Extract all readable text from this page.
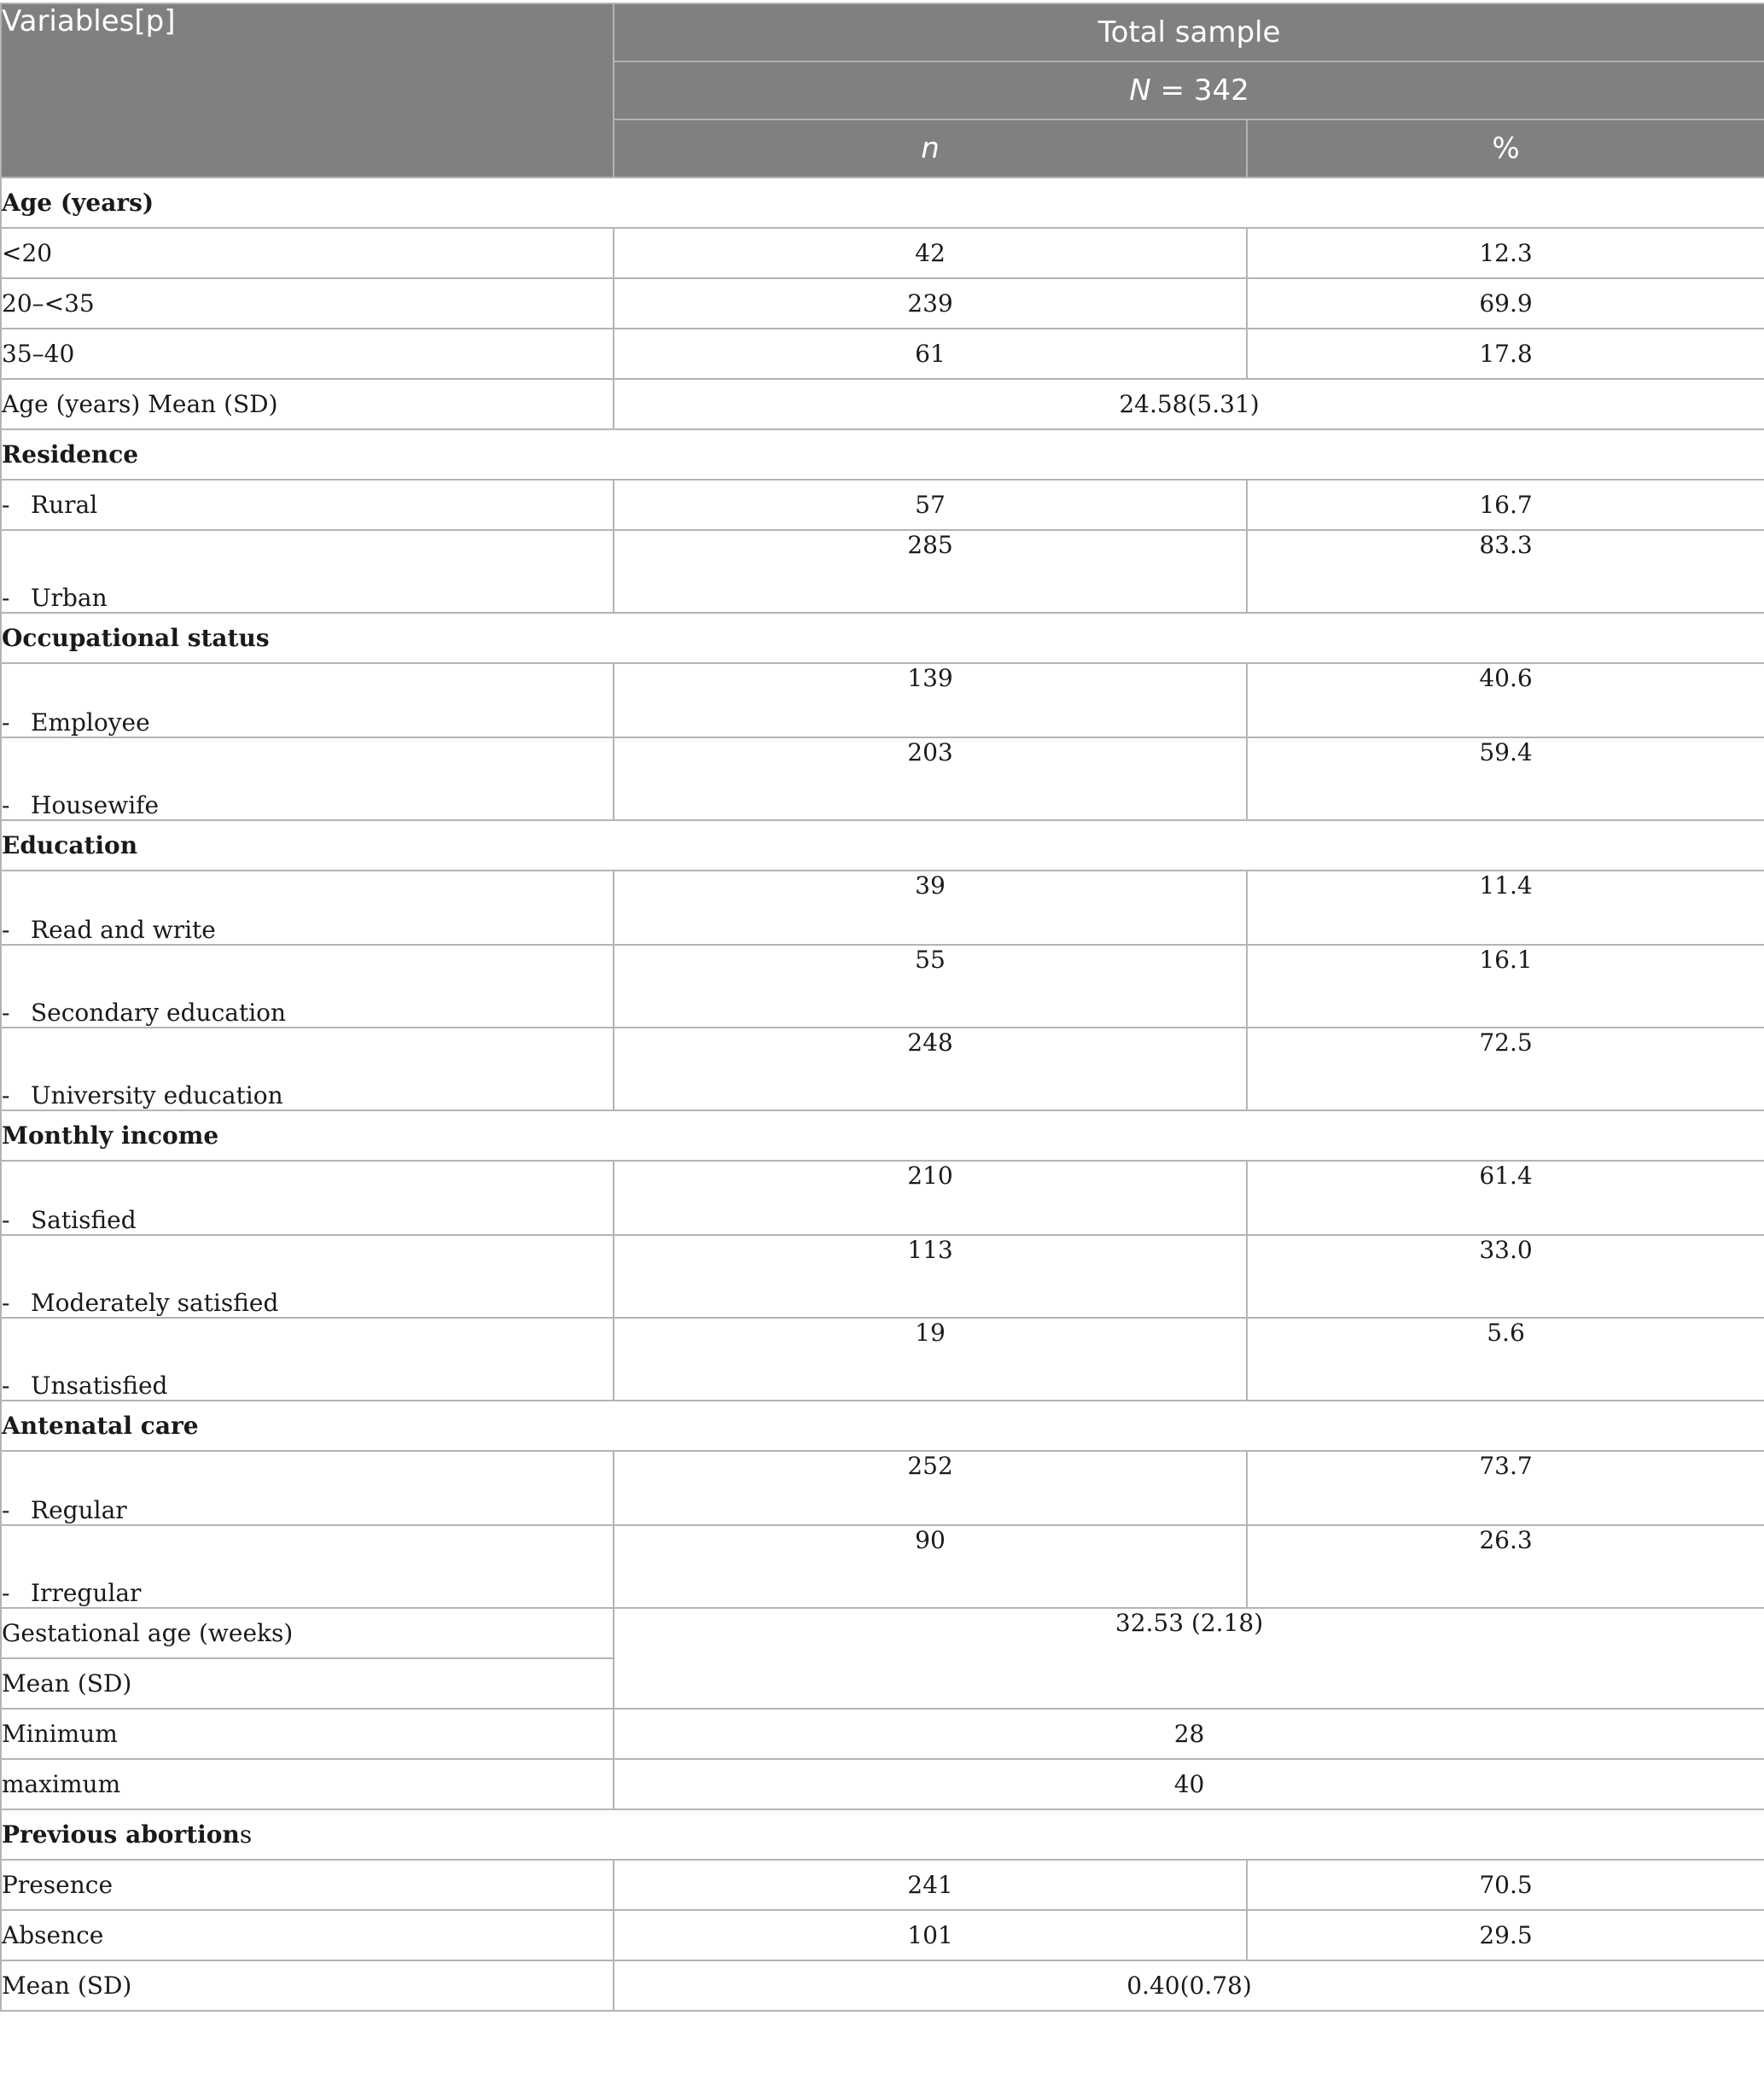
Variables[p]	Total sample	
	N = 342	
	n	%
Age (years)		
<20	42	12.3
20–<35	239	69.9
35–40	61	17.8
Age (years) Mean (SD)	24.58(5.31)	
Residence		
- Rural	57	16.7
- Urban	285	83.3
Occupational status		
- Employee	139	40.6
- Housewife	203	59.4
Education		
- Read and write	39	11.4
- Secondary education	55	16.1
- University education	248	72.5
Monthly income		
- Satisfied	210	61.4
- Moderately satisfied	113	33.0
- Unsatisfied	19	5.6
Antenatal care		
- Regular	252	73.7
- Irregular	90	26.3
Gestational age (weeks)	32.53 (2.18)	
Mean (SD)		
Minimum	28	
maximum	40	
Previous abortions		
Presence	241	70.5
Absence	101	29.5
Mean (SD)	0.40(0.78)	
